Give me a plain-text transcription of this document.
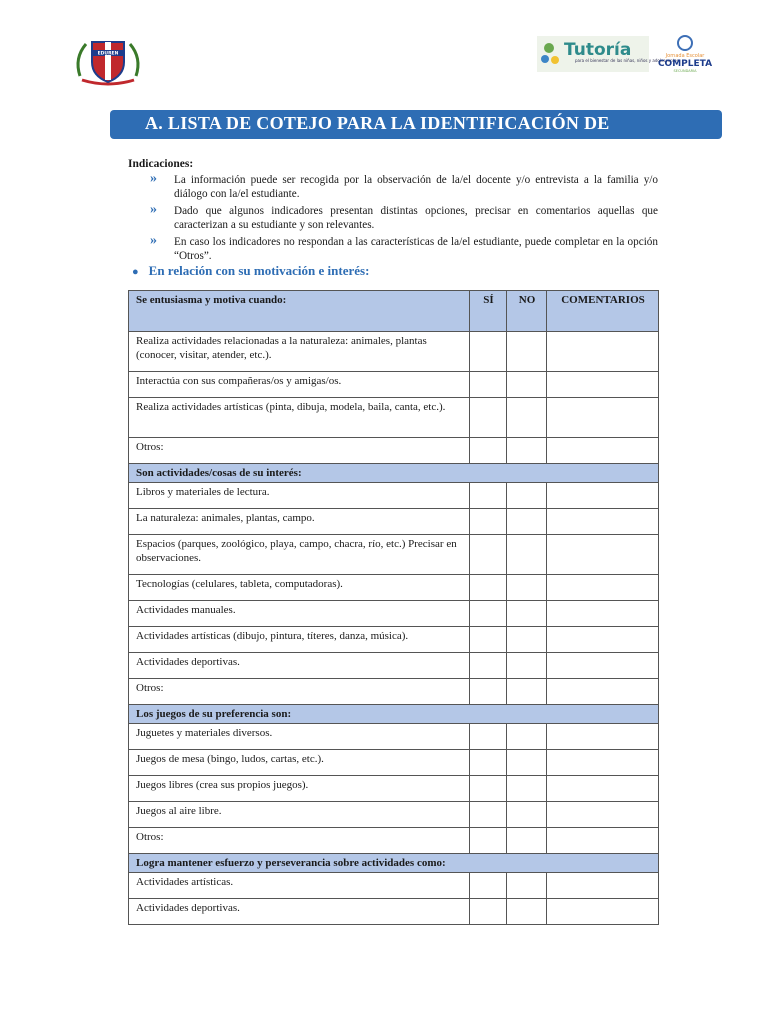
EDUREN	Tutoría
para el bienestar de las niñas, niños y adolescentes
Jornada Escolar
COMPLETA
SECUNDARIA
A. LISTA DE COTEJO PARA LA IDENTIFICACIÓN DE
Indicaciones:
» La información puede ser recogida por la observación de la/el docente y/o entrevista a la familia y/o diálogo con la/el estudiante.
» Dado que algunos indicadores presentan distintas opciones, precisar en comentarios aquellas que caracterizan a su estudiante y son relevantes.
» En caso los indicadores no respondan a las características de la/el estudiante, puede completar en la opción “Otros”.
● En relación con su motivación e interés:
Se entusiasma y motiva cuando:	SÍ	NO	COMENTARIOS
Realiza actividades relacionadas a la naturaleza: animales, plantas (conocer, visitar, atender, etc.).			
Interactúa con sus compañeras/os y amigas/os.			
Realiza actividades artísticas (pinta, dibuja, modela, baila, canta, etc.).			
Otros:			
Son actividades/cosas de su interés:			
Libros y materiales de lectura.			
La naturaleza: animales, plantas, campo.			
Espacios (parques, zoológico, playa, campo, chacra, río, etc.) Precisar en observaciones.			
Tecnologías (celulares, tableta, computadoras).			
Actividades manuales.			
Actividades artísticas (dibujo, pintura, títeres, danza, música).			
Actividades deportivas.			
Otros:			
Los juegos de su preferencia son:			
Juguetes y materiales diversos.			
Juegos de mesa (bingo, ludos, cartas, etc.).			
Juegos libres (crea sus propios juegos).			
Juegos al aire libre.			
Otros:			
Logra mantener esfuerzo y perseverancia sobre actividades como:			
Actividades artísticas.			
Actividades deportivas.			
